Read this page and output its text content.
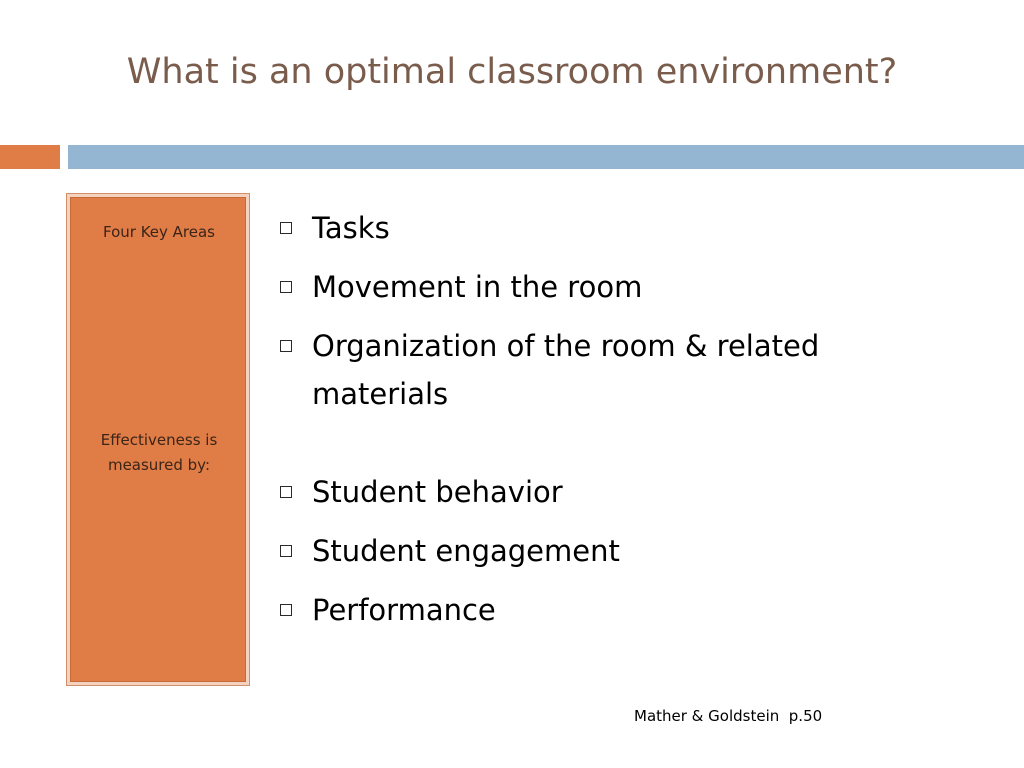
What is an optimal classroom environment?
Four Key Areas
Effectiveness is measured by:
Tasks
Movement in the room
Organization of the room & related materials
Student behavior
Student engagement
Performance
Mather & Goldstein  p.50
